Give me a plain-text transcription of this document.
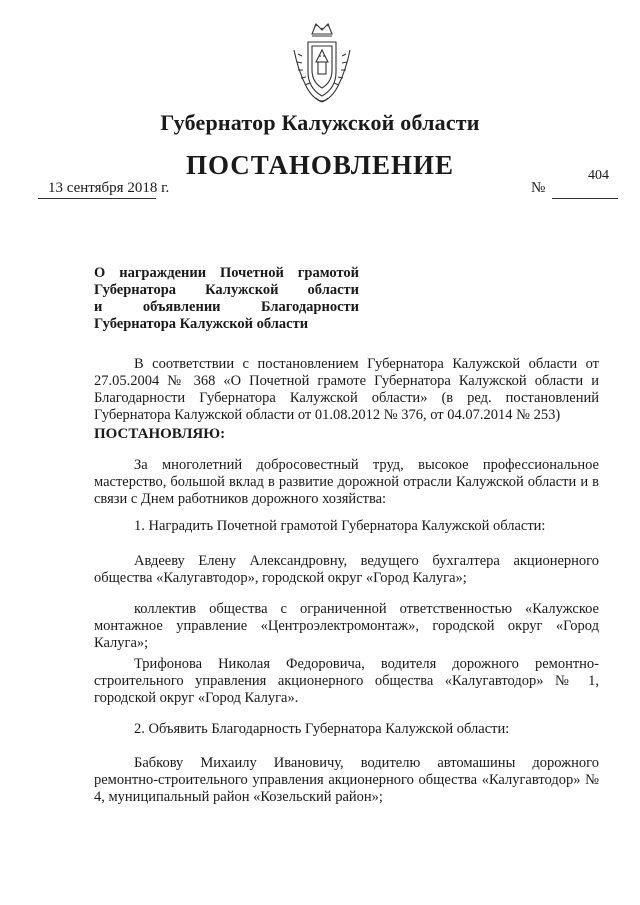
Губернатор Калужской области
ПОСТАНОВЛЕНИЕ
13 сентября 2018 г.	№
404
О награждении Почетной грамотой
Губернатора Калужской области
и объявлении Благодарности
Губернатора Калужской области

В соответствии с постановлением Губернатора Калужской области от 27.05.2004 № 368 «О Почетной грамоте Губернатора Калужской области и Благодарности Губернатора Калужской области» (в ред. постановлений Губернатора Калужской области от 01.08.2012 № 376, от 04.07.2014 № 253)

ПОСТАНОВЛЯЮ:

За многолетний добросовестный труд, высокое профессиональное мастерство, большой вклад в развитие дорожной отрасли Калужской области и в связи с Днем работников дорожного хозяйства:

1. Наградить Почетной грамотой Губернатора Калужской области:

Авдееву Елену Александровну, ведущего бухгалтера акционерного общества «Калугавтодор», городской округ «Город Калуга»;

коллектив общества с ограниченной ответственностью «Калужское монтажное управление «Центроэлектромонтаж», городской округ «Город Калуга»;

Трифонова Николая Федоровича, водителя дорожного ремонтно-строительного управления акционерного общества «Калугавтодор» № 1, городской округ «Город Калуга».

2. Объявить Благодарность Губернатора Калужской области:

Бабкову Михаилу Ивановичу, водителю автомашины дорожного ремонтно-строительного управления акционерного общества «Калугавтодор» № 4, муниципальный район «Козельский район»;
